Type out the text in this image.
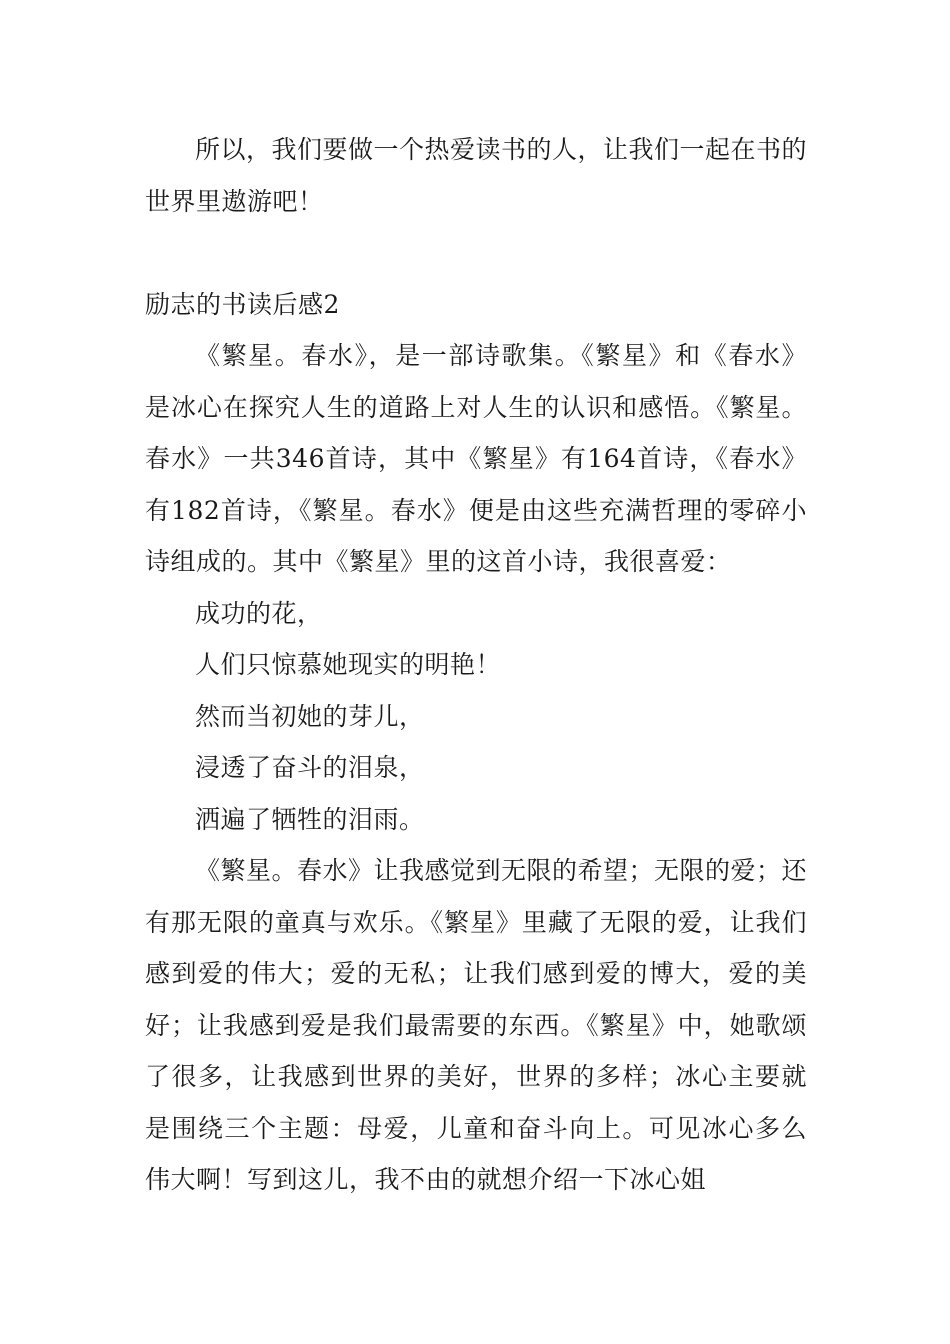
所以，我们要做一个热爱读书的人，让我们一起在书的世界里遨游吧！

励志的书读后感2

《繁星。春水》，是一部诗歌集。《繁星》和《春水》是冰心在探究人生的道路上对人生的认识和感悟。《繁星。春水》一共346首诗，其中《繁星》有164首诗，《春水》有182首诗，《繁星。春水》便是由这些充满哲理的零碎小诗组成的。其中《繁星》里的这首小诗，我很喜爱：

成功的花，

人们只惊慕她现实的明艳！

然而当初她的芽儿，

浸透了奋斗的泪泉，

洒遍了牺牲的泪雨。

《繁星。春水》让我感觉到无限的希望；无限的爱；还有那无限的童真与欢乐。《繁星》里藏了无限的爱，让我们感到爱的伟大；爱的无私；让我们感到爱的博大，爱的美好；让我感到爱是我们最需要的东西。《繁星》中，她歌颂了很多，让我感到世界的美好，世界的多样；冰心主要就是围绕三个主题：母爱，儿童和奋斗向上。可见冰心多么伟大啊！写到这儿，我不由的就想介绍一下冰心姐
